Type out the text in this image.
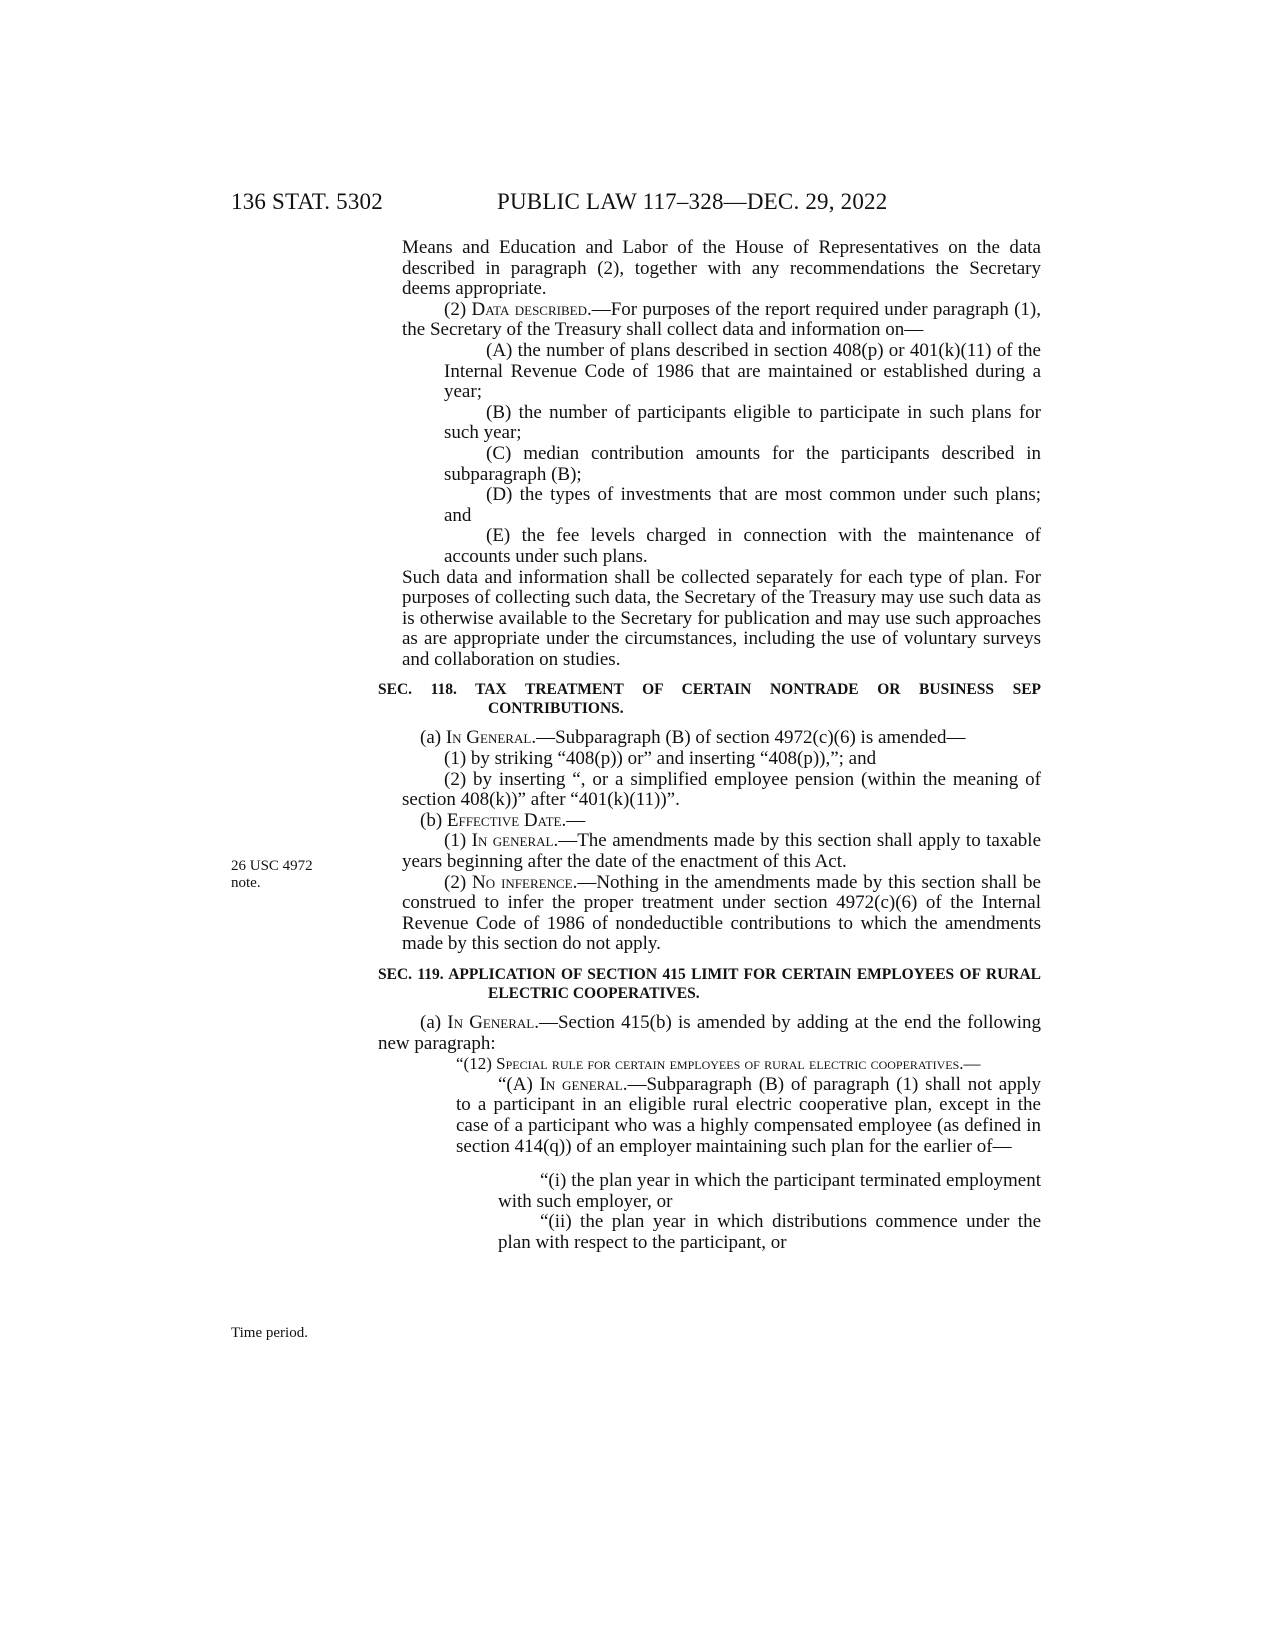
136 STAT. 5302	PUBLIC LAW 117–328—DEC. 29, 2022
26 USC 4972
note.
Time period.

Means and Education and Labor of the House of Representatives on the data described in paragraph (2), together with any recommendations the Secretary deems appropriate.

(2) Data described.—For purposes of the report required under paragraph (1), the Secretary of the Treasury shall collect data and information on—

(A) the number of plans described in section 408(p) or 401(k)(11) of the Internal Revenue Code of 1986 that are maintained or established during a year;

(B) the number of participants eligible to participate in such plans for such year;

(C) median contribution amounts for the participants described in subparagraph (B);

(D) the types of investments that are most common under such plans; and

(E) the fee levels charged in connection with the maintenance of accounts under such plans.

Such data and information shall be collected separately for each type of plan. For purposes of collecting such data, the Secretary of the Treasury may use such data as is otherwise available to the Secretary for publication and may use such approaches as are appropriate under the circumstances, including the use of voluntary surveys and collaboration on studies.

SEC. 118. TAX TREATMENT OF CERTAIN NONTRADE OR BUSINESS SEP CONTRIBUTIONS.

(a) In General.—Subparagraph (B) of section 4972(c)(6) is amended—

(1) by striking “408(p)) or” and inserting “408(p)),”; and

(2) by inserting “, or a simplified employee pension (within the meaning of section 408(k))” after “401(k)(11))”.

(b) Effective Date.—

(1) In general.—The amendments made by this section shall apply to taxable years beginning after the date of the enactment of this Act.

(2) No inference.—Nothing in the amendments made by this section shall be construed to infer the proper treatment under section 4972(c)(6) of the Internal Revenue Code of 1986 of nondeductible contributions to which the amendments made by this section do not apply.

SEC. 119. APPLICATION OF SECTION 415 LIMIT FOR CERTAIN EMPLOYEES OF RURAL ELECTRIC COOPERATIVES.

(a) In General.—Section 415(b) is amended by adding at the end the following new paragraph:

“(12) Special rule for certain employees of rural electric cooperatives.—

“(A) In general.—Subparagraph (B) of paragraph (1) shall not apply to a participant in an eligible rural electric cooperative plan, except in the case of a participant who was a highly compensated employee (as defined in section 414(q)) of an employer maintaining such plan for the earlier of—

“(i) the plan year in which the participant terminated employment with such employer, or

“(ii) the plan year in which distributions commence under the plan with respect to the participant, or
